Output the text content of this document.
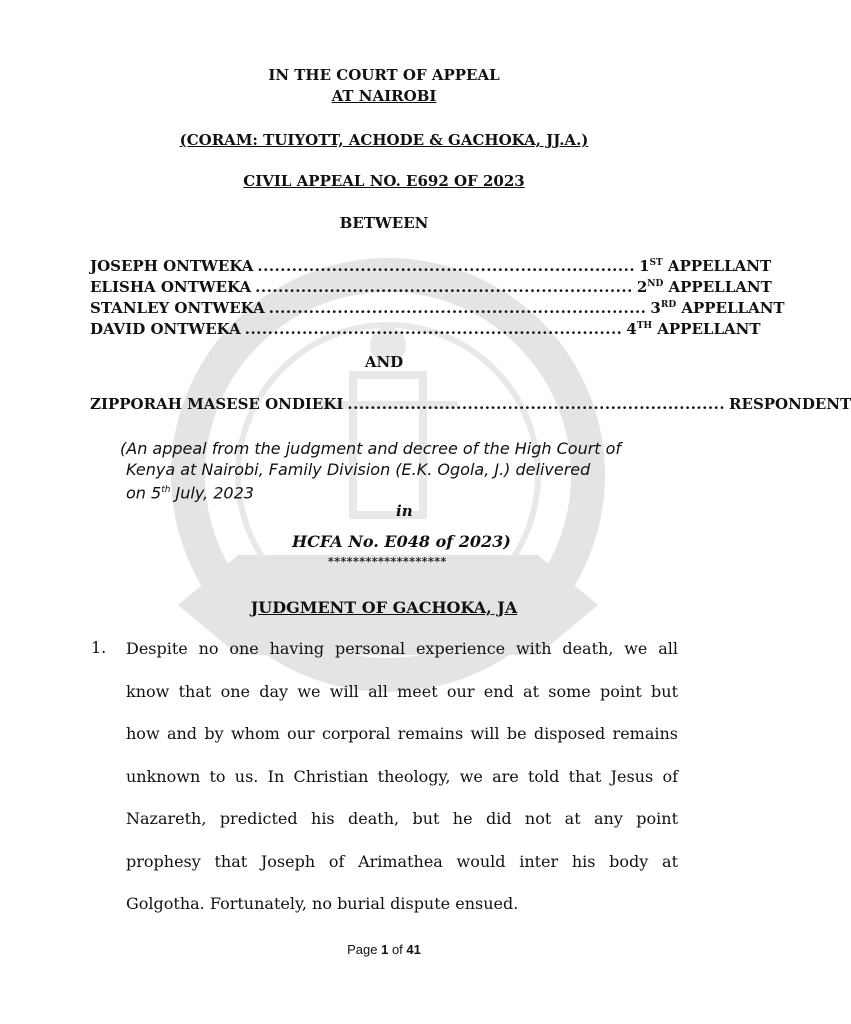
IN THE COURT OF APPEAL
AT NAIROBI
(CORAM: TUIYOTT, ACHODE & GACHOKA, JJ.A.)
CIVIL APPEAL NO. E692 OF 2023
BETWEEN
JOSEPH ONTWEKA .................................................................. 1ST APPELLANT
ELISHA ONTWEKA .................................................................. 2ND APPELLANT
STANLEY ONTWEKA .................................................................. 3RD APPELLANT
DAVID ONTWEKA .................................................................. 4TH APPELLANT
AND
ZIPPORAH MASESE ONDIEKI .................................................................. RESPONDENT
(An appeal from the judgment and decree of the High Court of
Kenya at Nairobi, Family Division (E.K. Ogola, J.) delivered
on 5th July, 2023
in
HCFA No. E048 of 2023)
*******************
JUDGMENT OF GACHOKA, JA
1. Despite no one having personal experience with death, we all
know that one day we will all meet our end at some point but
how and by whom our corporal remains will be disposed remains
unknown to us. In Christian theology, we are told that Jesus of
Nazareth, predicted his death, but he did not at any point
prophesy that Joseph of Arimathea would inter his body at
Golgotha. Fortunately, no burial dispute ensued.
Page 1 of 41
